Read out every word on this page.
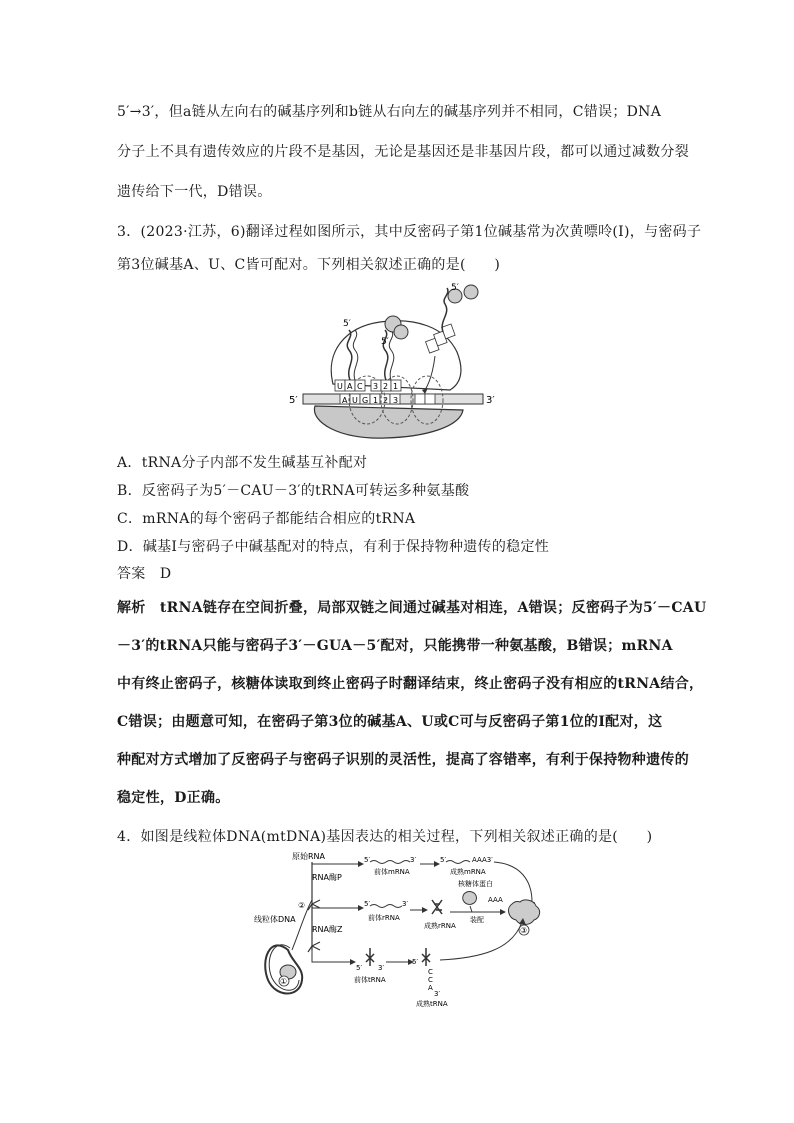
5′→3′，但a链从左向右的碱基序列和b链从右向左的碱基序列并不相同，C错误；DNA
分子上不具有遗传效应的片段不是基因，无论是基因还是非基因片段，都可以通过减数分裂
遗传给下一代，D错误。
3．(2023·江苏，6)翻译过程如图所示，其中反密码子第1位碱基常为次黄嘌呤(I)，与密码子
第3位碱基A、U、C皆可配对。下列相关叙述正确的是(　　)
5′	3′
A U G 1 2 3
U A C 3 2 1
5′
5′
5′
A．tRNA分子内部不发生碱基互补配对
B．反密码子为5′－CAU－3′的tRNA可转运多种氨基酸
C．mRNA的每个密码子都能结合相应的tRNA
D．碱基I与密码子中碱基配对的特点，有利于保持物种遗传的稳定性
答案　D
解析　tRNA链存在空间折叠，局部双链之间通过碱基对相连，A错误；反密码子为5′－CAU
－3′的tRNA只能与密码子3′－GUA－5′配对，只能携带一种氨基酸，B错误；mRNA
中有终止密码子，核糖体读取到终止密码子时翻译结束，终止密码子没有相应的tRNA结合，
C错误；由题意可知，在密码子第3位的碱基A、U或C可与反密码子第1位的I配对，这
种配对方式增加了反密码子与密码子识别的灵活性，提高了容错率，有利于保持物种遗传的
稳定性，D正确。
4．如图是线粒体DNA(mtDNA)基因表达的相关过程，下列相关叙述正确的是(　　)
①
线粒体DNA
原始RNA
RNA酶P
②
RNA酶Z
5′	3′
前体mRNA
5′	AAA3′
成熟mRNA
核糖体蛋白
5′	3′
前体rRNA
成熟rRNA
装配
AAA
③
5′ 3′
前体tRNA
5′
C
C
A
3′
成熟tRNA
